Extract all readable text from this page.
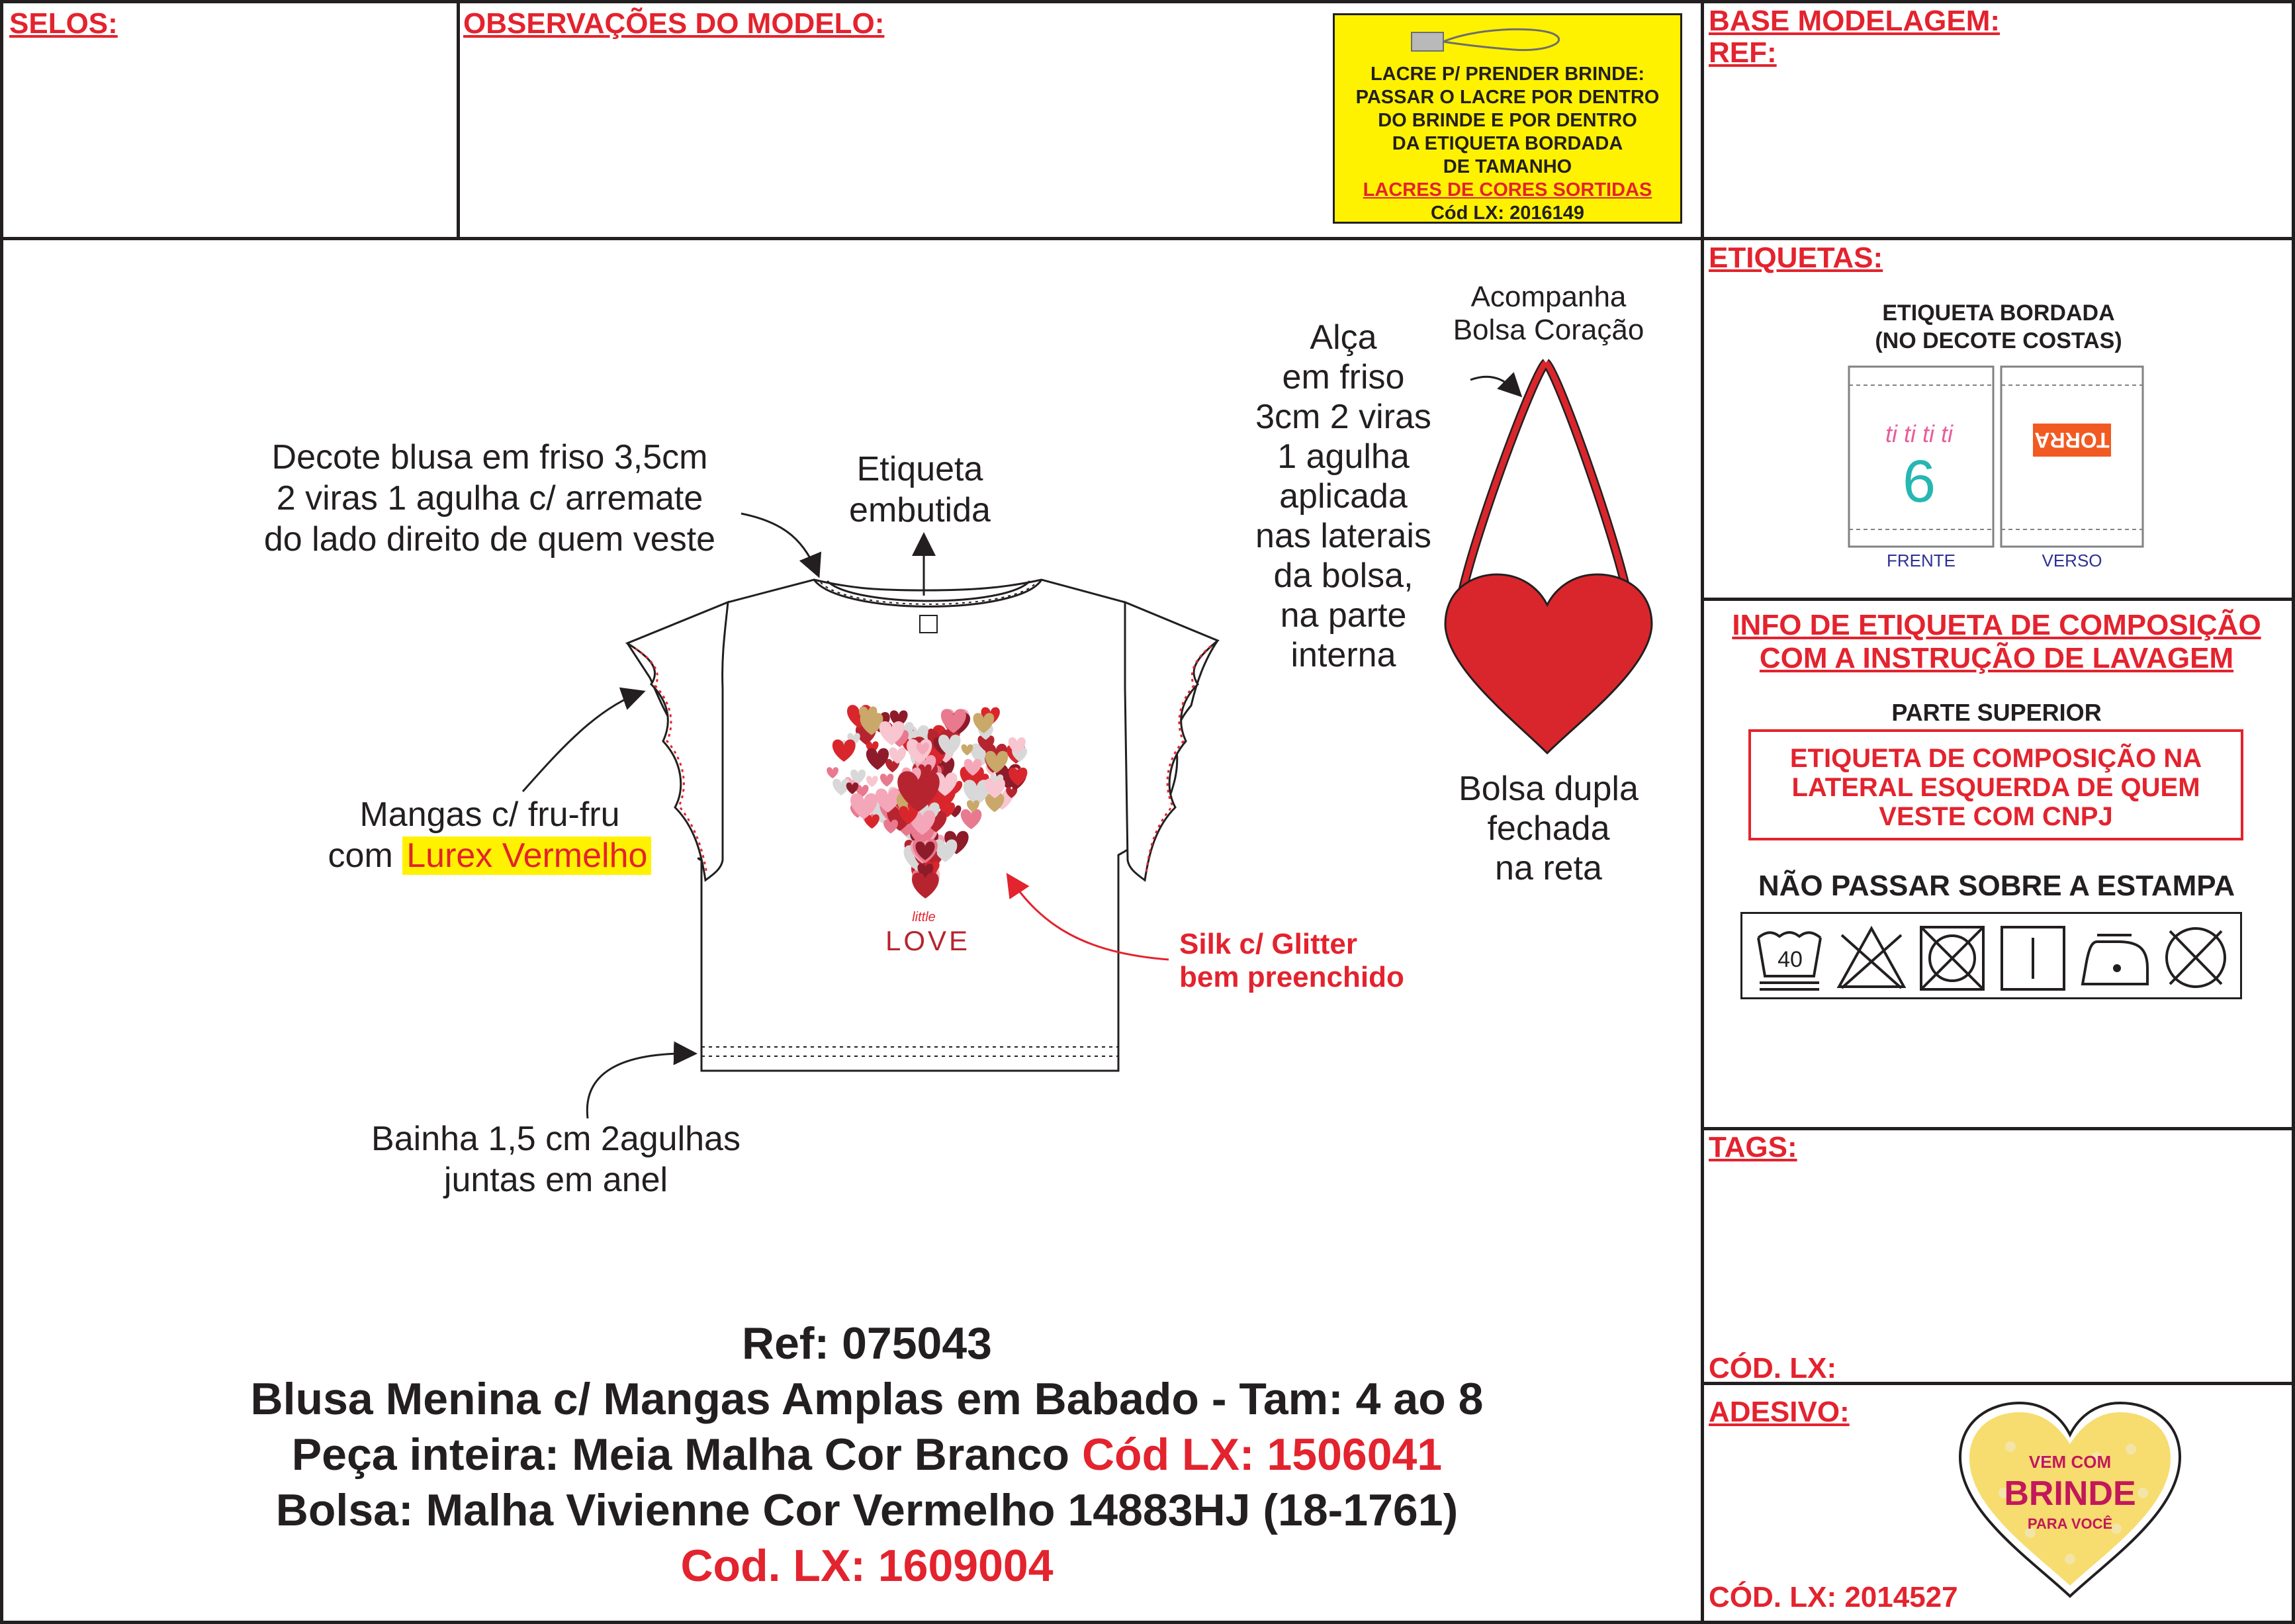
SELOS:	OBSERVAÇÕES DO MODELO:	BASE MODELAGEM:
REF:
LACRE P/ PRENDER BRINDE:
PASSAR O LACRE POR DENTRO
DO BRINDE E POR DENTRO
DA ETIQUETA BORDADA
DE TAMANHO
LACRES DE CORES SORTIDAS
Cód LX: 2016149
little
LOVE
Decote blusa em friso 3,5cm
2 viras 1 agulha c/ arremate
do lado direito de quem veste
Etiqueta
embutida
Mangas c/ fru-fru
com Lurex Vermelho
Bainha 1,5 cm 2agulhas
juntas em anel
Silk c/ Glitter
bem preenchido
Acompanha
Bolsa Coração
Alça
em friso
3cm 2 viras
1 agulha
aplicada
nas laterais
da bolsa,
na parte
interna
Bolsa dupla
fechada
na reta
Ref: 075043
Blusa Menina c/ Mangas Amplas em Babado - Tam: 4 ao 8
Peça inteira: Meia Malha Cor Branco Cód LX: 1506041
Bolsa: Malha Vivienne Cor Vermelho 14883HJ (18-1761)
Cod. LX: 1609004
ETIQUETAS:
ETIQUETA BORDADA
(NO DECOTE COSTAS)
ti ti ti ti
6
TORRA
FRENTE	VERSO
INFO DE ETIQUETA DE COMPOSIÇÃO
COM A INSTRUÇÃO DE LAVAGEM
PARTE SUPERIOR
ETIQUETA DE COMPOSIÇÃO NA
LATERAL ESQUERDA DE QUEM
VESTE COM CNPJ
NÃO PASSAR SOBRE A ESTAMPA
40
TAGS:
CÓD. LX:
ADESIVO:
CÓD. LX: 2014527
VEM COM
BRINDE
PARA VOCÊ
